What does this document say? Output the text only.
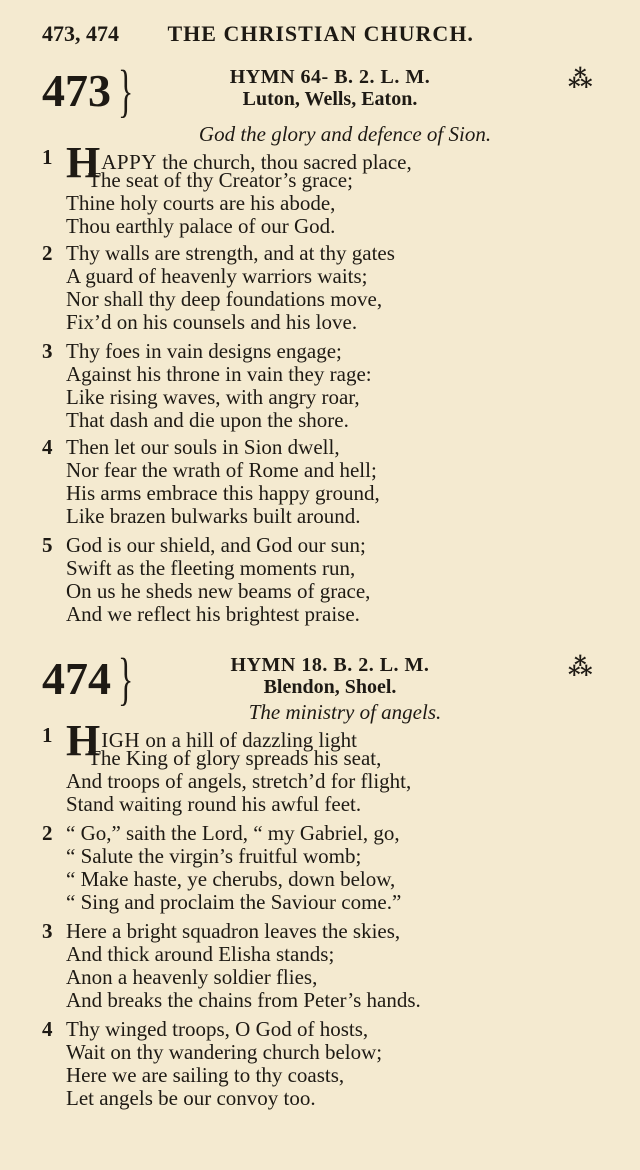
473, 474 THE CHRISTIAN CHURCH.
473 }	HYMN 64- B. 2. L. M.
Luton, Wells, Eaton.
⁂
God the glory and defence of Sion.
1 HAPPY the church, thou sacred place,
The seat of thy Creator’s grace;
Thine holy courts are his abode,
Thou earthly palace of our God.
2 Thy walls are strength, and at thy gates
A guard of heavenly warriors waits;
Nor shall thy deep foundations move,
Fix’d on his counsels and his love.
3 Thy foes in vain designs engage;
Against his throne in vain they rage:
Like rising waves, with angry roar,
That dash and die upon the shore.
4 Then let our souls in Sion dwell,
Nor fear the wrath of Rome and hell;
His arms embrace this happy ground,
Like brazen bulwarks built around.
5 God is our shield, and God our sun;
Swift as the fleeting moments run,
On us he sheds new beams of grace,
And we reflect his brightest praise.
474 }	HYMN 18. B. 2. L. M.
Blendon, Shoel.
⁂
The ministry of angels.
1 HIGH on a hill of dazzling light
The King of glory spreads his seat,
And troops of angels, stretch’d for flight,
Stand waiting round his awful feet.
2 “ Go,” saith the Lord, “ my Gabriel, go,
“ Salute the virgin’s fruitful womb;
“ Make haste, ye cherubs, down below,
“ Sing and proclaim the Saviour come.”
3 Here a bright squadron leaves the skies,
And thick around Elisha stands;
Anon a heavenly soldier flies,
And breaks the chains from Peter’s hands.
4 Thy winged troops, O God of hosts,
Wait on thy wandering church below;
Here we are sailing to thy coasts,
Let angels be our convoy too.
